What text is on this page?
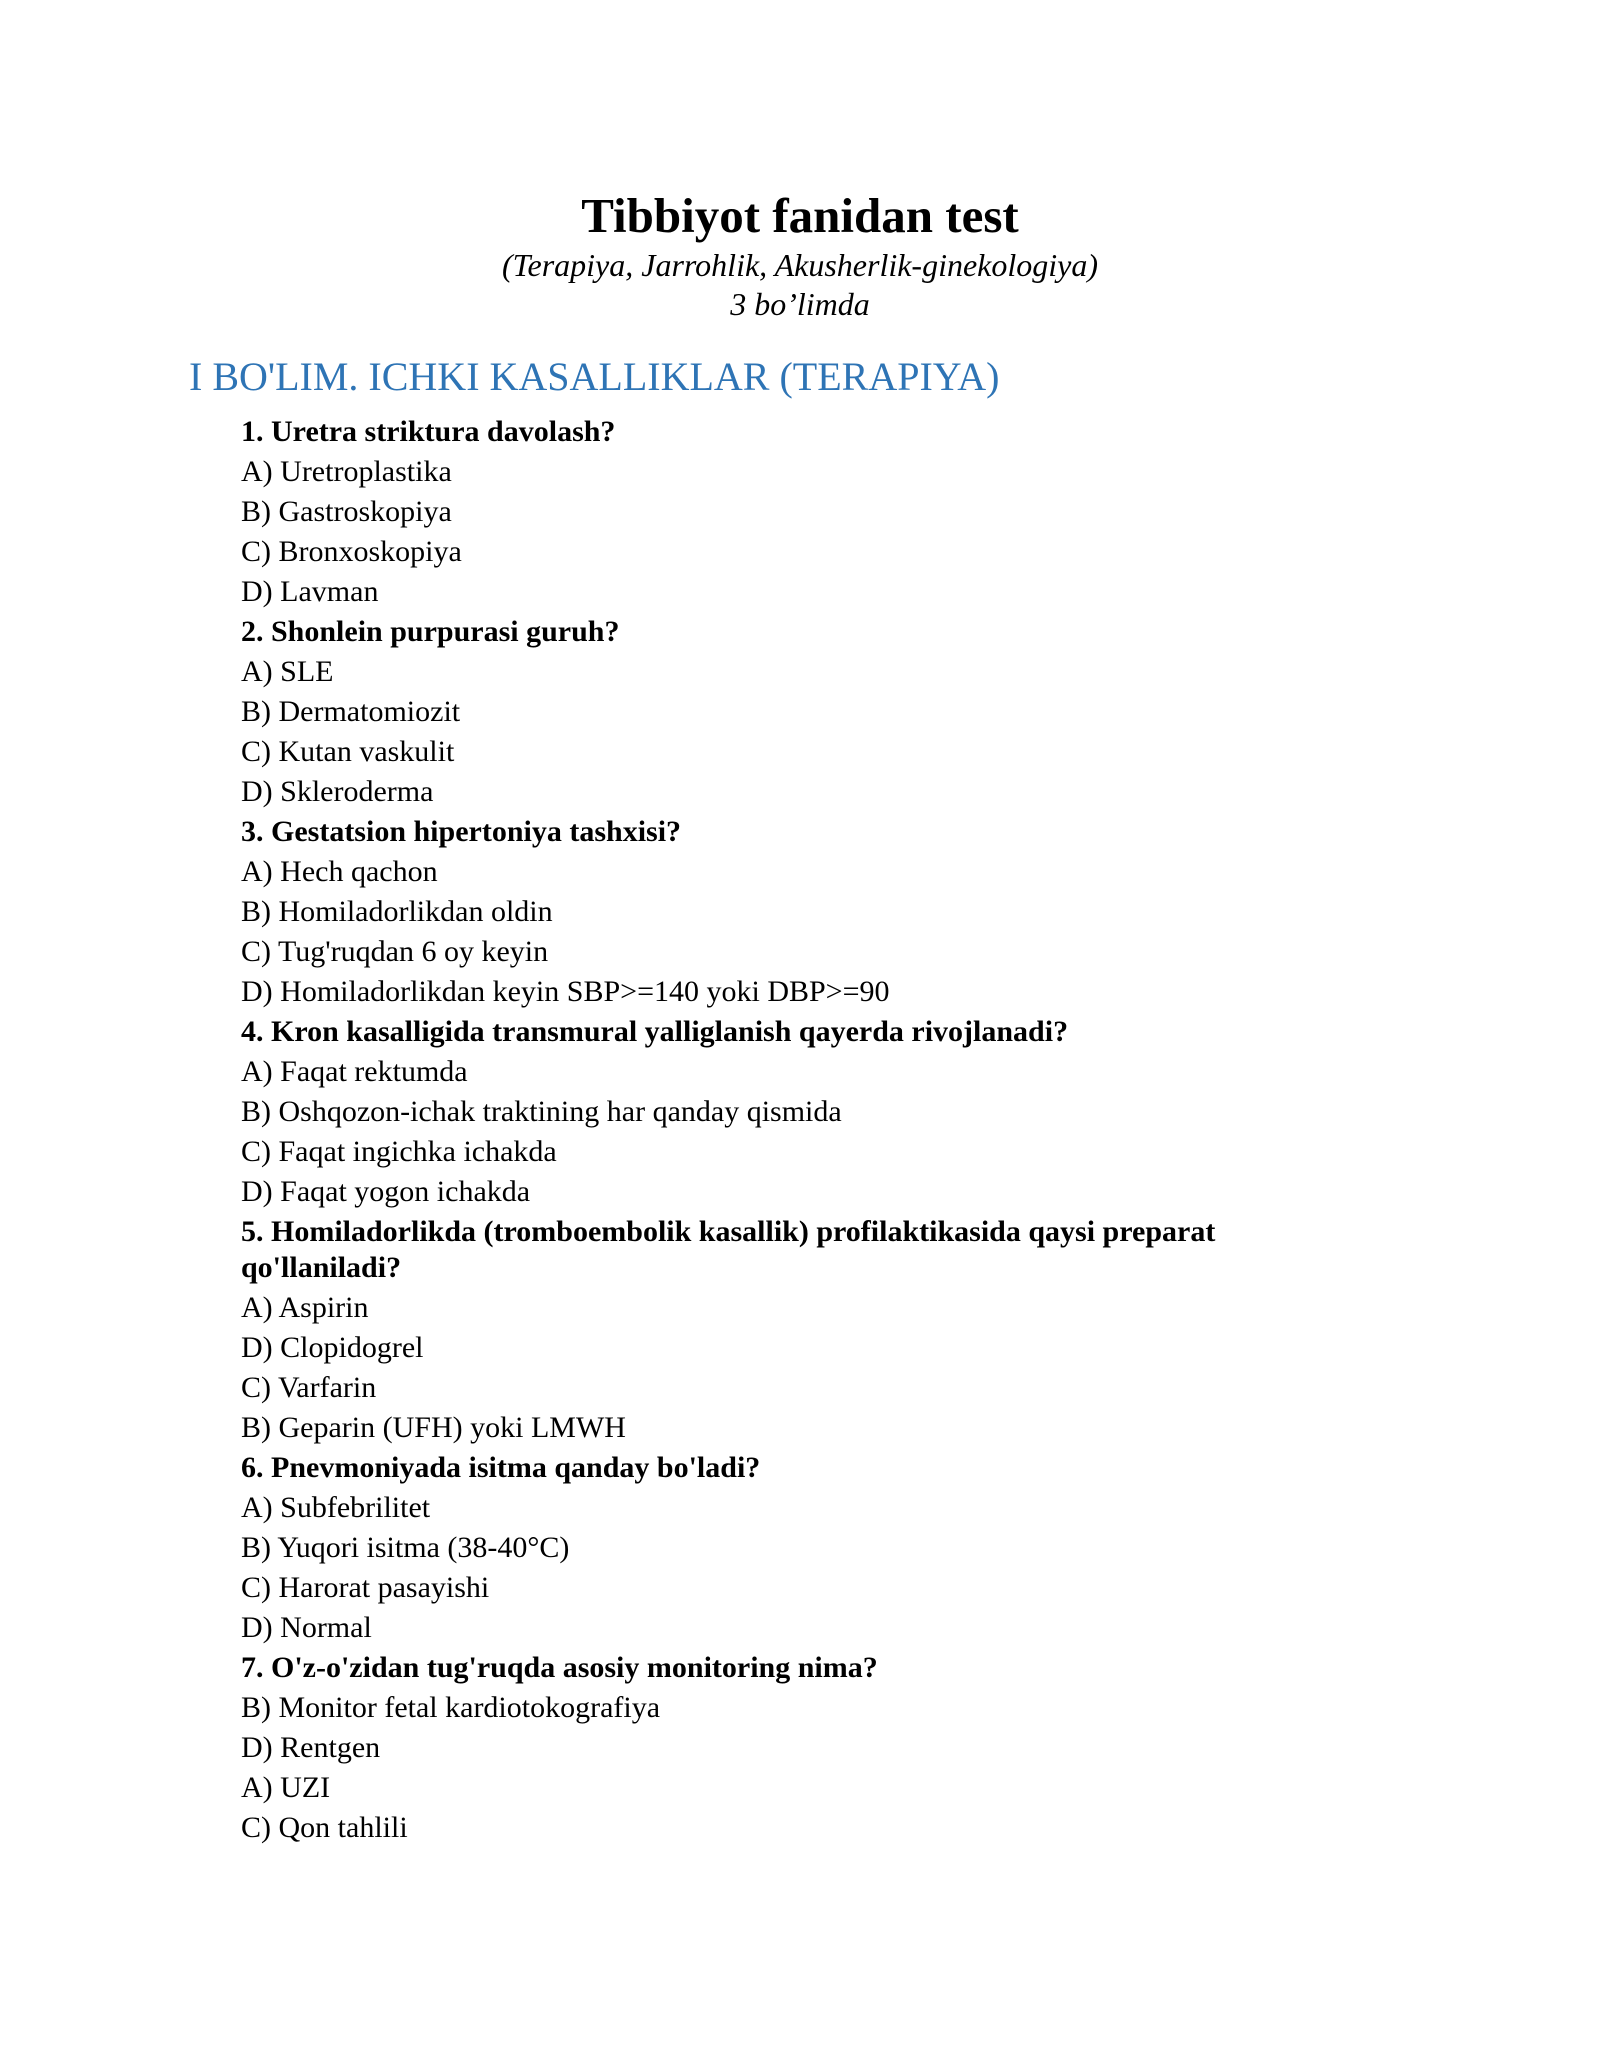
Tibbiyot fanidan test
(Terapiya, Jarrohlik, Akusherlik-ginekologiya)
3 bo’limda
I BO'LIM. ICHKI KASALLIKLAR (TERAPIYA)
1. Uretra striktura davolash?
A) Uretroplastika
B) Gastroskopiya
C) Bronxoskopiya
D) Lavman
2. Shonlein purpurasi guruh?
A) SLE
B) Dermatomiozit
C) Kutan vaskulit
D) Skleroderma
3. Gestatsion hipertoniya tashxisi?
A) Hech qachon
B) Homiladorlikdan oldin
C) Tug'ruqdan 6 oy keyin
D) Homiladorlikdan keyin SBP>=140 yoki DBP>=90
4. Kron kasalligida transmural yalliglanish qayerda rivojlanadi?
A) Faqat rektumda
B) Oshqozon-ichak traktining har qanday qismida
C) Faqat ingichka ichakda
D) Faqat yogon ichakda
5. Homiladorlikda (tromboembolik kasallik) profilaktikasida qaysi preparat qo'llaniladi?
A) Aspirin
D) Clopidogrel
C) Varfarin
B) Geparin (UFH) yoki LMWH
6. Pnevmoniyada isitma qanday bo'ladi?
A) Subfebrilitet
B) Yuqori isitma (38-40°C)
C) Harorat pasayishi
D) Normal
7. O'z-o'zidan tug'ruqda asosiy monitoring nima?
B) Monitor fetal kardiotokografiya
D) Rentgen
A) UZI
C) Qon tahlili
